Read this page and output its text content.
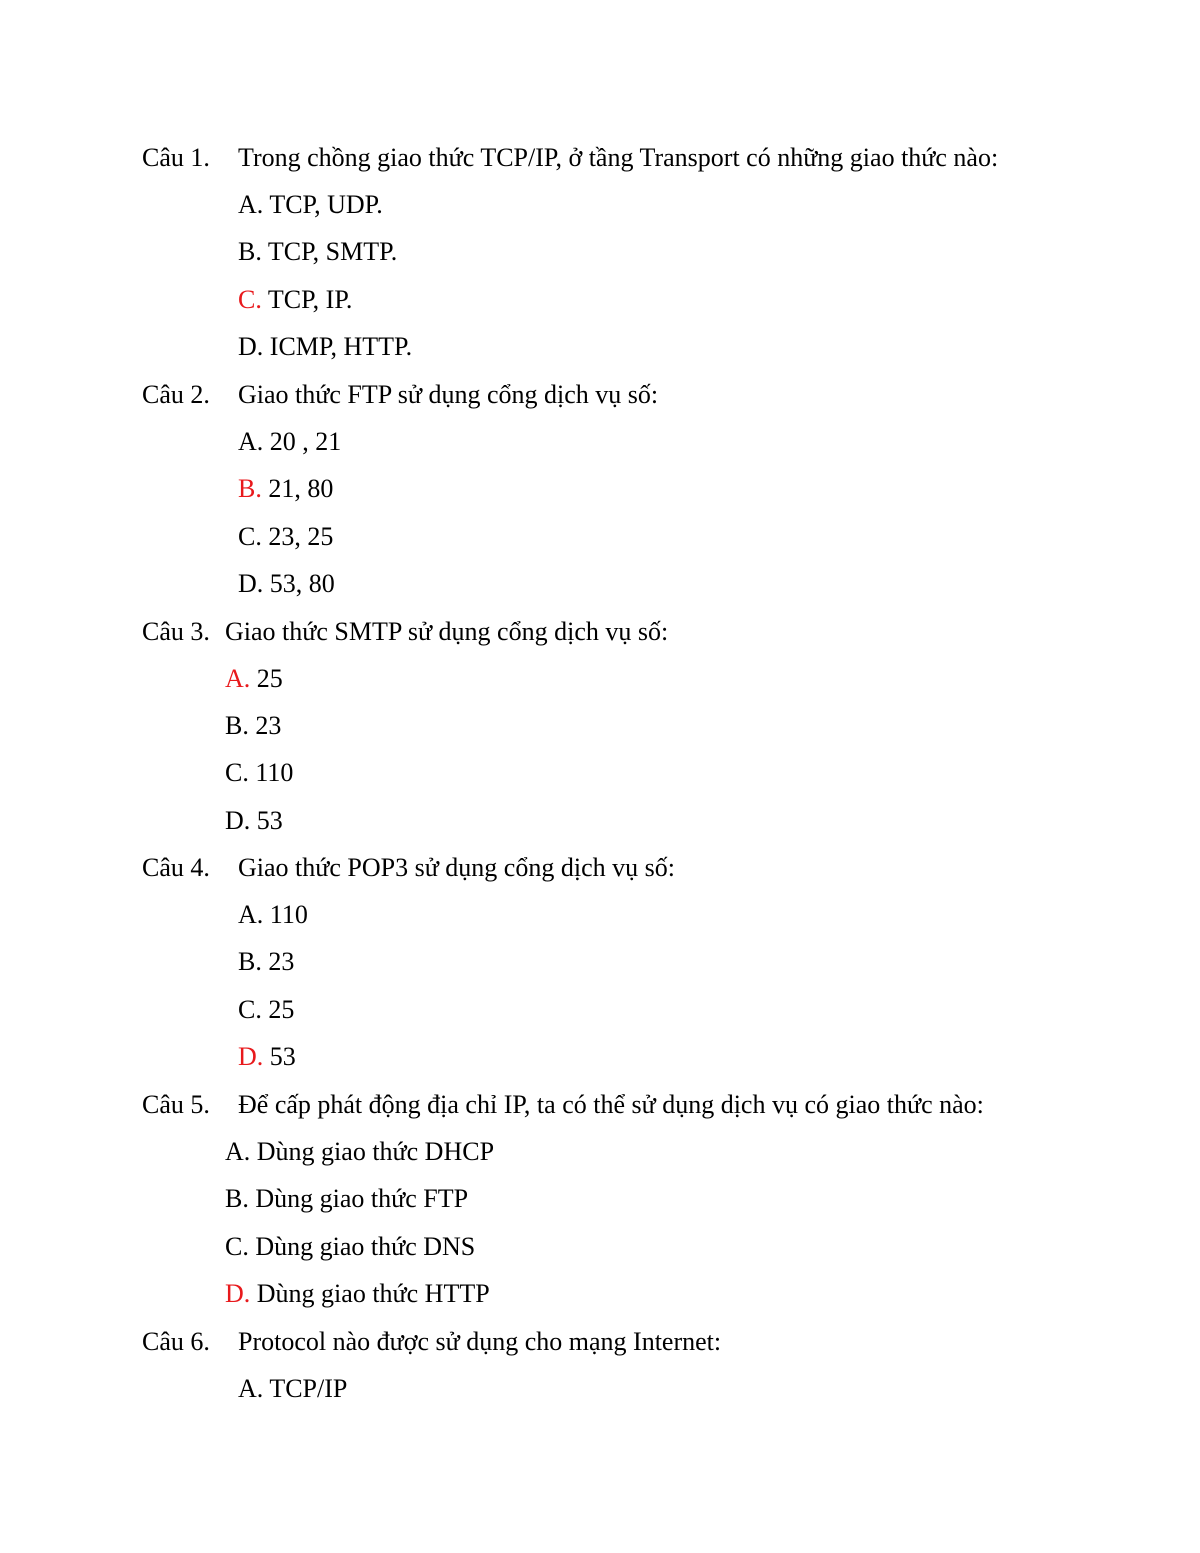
Câu 1. Trong chồng giao thức TCP/IP, ở tầng Transport có những giao thức nào:
A. TCP, UDP.
B. TCP, SMTP.
C. TCP, IP.
D. ICMP, HTTP.
Câu 2. Giao thức FTP sử dụng cổng dịch vụ số:
A. 20 , 21
B. 21, 80
C. 23, 25
D. 53, 80
Câu 3. Giao thức SMTP sử dụng cổng dịch vụ số:
A. 25
B. 23
C. 110
D. 53
Câu 4. Giao thức POP3 sử dụng cổng dịch vụ số:
A. 110
B. 23
C. 25
D. 53
Câu 5. Để cấp phát động địa chỉ IP, ta có thể sử dụng dịch vụ có giao thức nào:
A. Dùng giao thức DHCP
B. Dùng giao thức FTP
C. Dùng giao thức DNS
D. Dùng giao thức HTTP
Câu 6. Protocol nào được sử dụng cho mạng Internet:
A. TCP/IP
